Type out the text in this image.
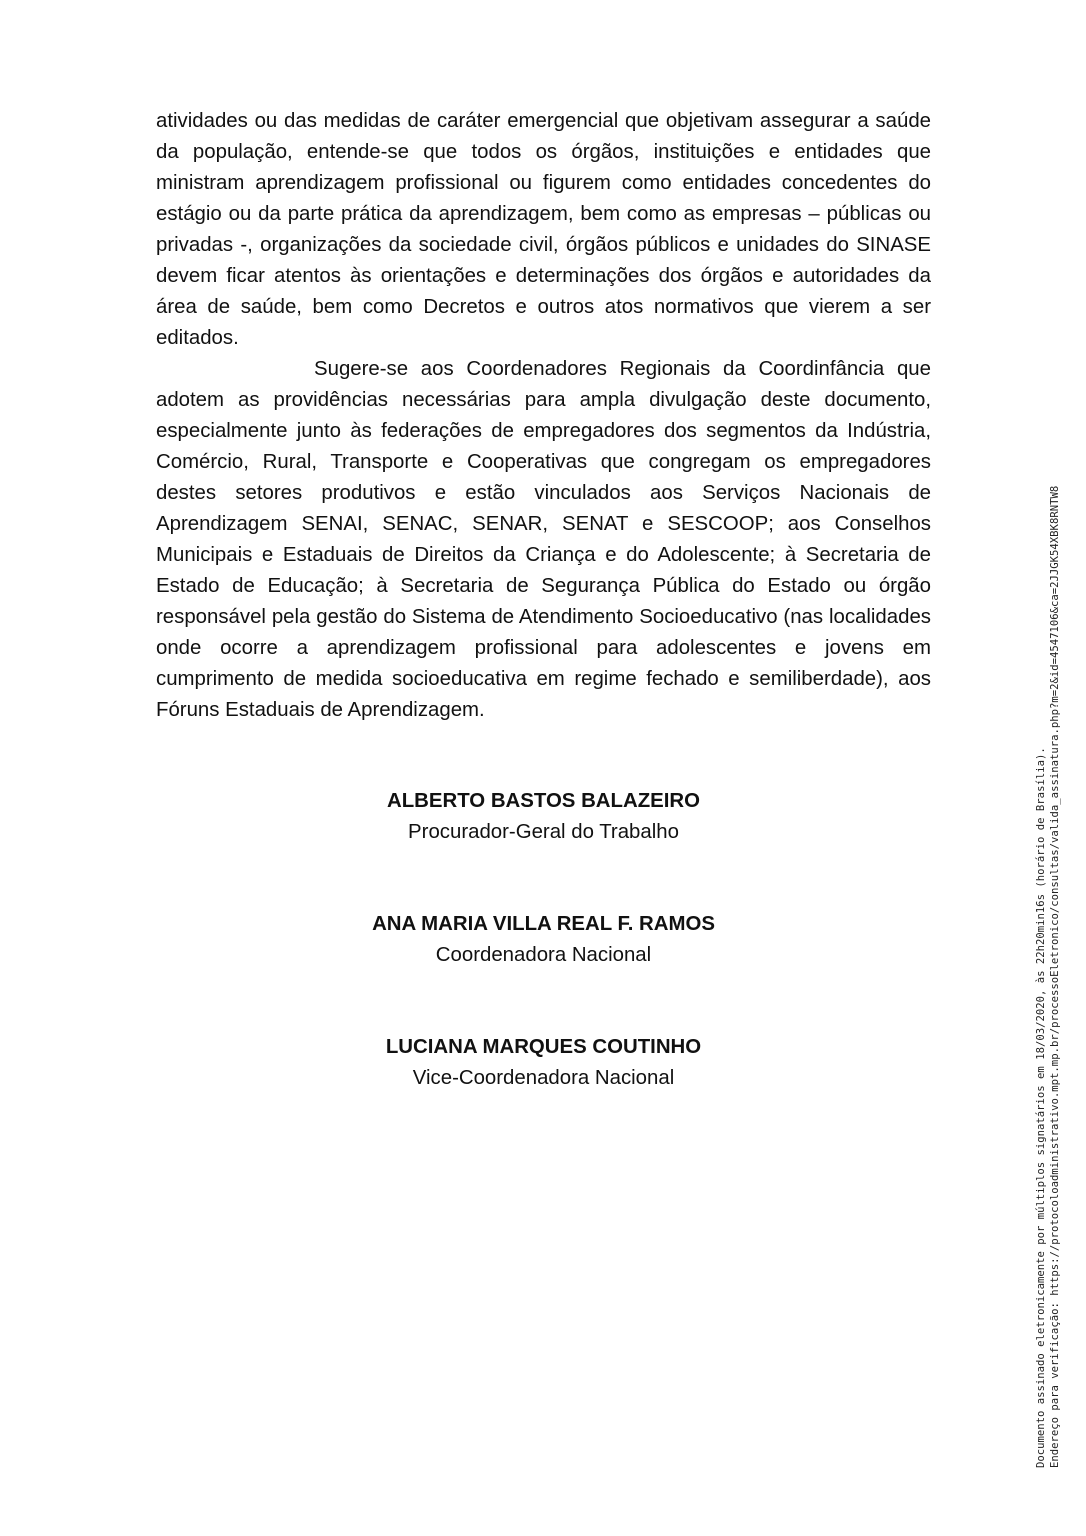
atividades ou das medidas de caráter emergencial que objetivam assegurar a saúde da população, entende-se que todos os órgãos, instituições e entidades que ministram aprendizagem profissional ou figurem como entidades concedentes do estágio ou da parte prática da aprendizagem, bem como as empresas – públicas ou privadas -, organizações da sociedade civil, órgãos públicos e unidades do SINASE devem ficar atentos às orientações e determinações dos órgãos e autoridades da área de saúde, bem como Decretos e outros atos normativos que vierem a ser editados.

Sugere-se aos Coordenadores Regionais da Coordinfância que adotem as providências necessárias para ampla divulgação deste documento, especialmente junto às federações de empregadores dos segmentos da Indústria, Comércio, Rural, Transporte e Cooperativas que congregam os empregadores destes setores produtivos e estão vinculados aos Serviços Nacionais de Aprendizagem SENAI, SENAC, SENAR, SENAT e SESCOOP; aos Conselhos Municipais e Estaduais de Direitos da Criança e do Adolescente; à Secretaria de Estado de Educação; à Secretaria de Segurança Pública do Estado ou órgão responsável pela gestão do Sistema de Atendimento Socioeducativo (nas localidades onde ocorre a aprendizagem profissional para adolescentes e jovens em cumprimento de medida socioeducativa em regime fechado e semiliberdade), aos Fóruns Estaduais de Aprendizagem.

ALBERTO BASTOS BALAZEIRO
Procurador-Geral do Trabalho
ANA MARIA VILLA REAL F. RAMOS
Coordenadora Nacional
LUCIANA MARQUES COUTINHO
Vice-Coordenadora Nacional	Documento assinado eletronicamente por múltiplos signatários em 18/03/2020, às 22h20min16s (horário de Brasília). Endereço para verificação: https://protocoloadministrativo.mpt.mp.br/processoEletronico/consultas/valida_assinatura.php?m=2&id=4547106&ca=2JJGK54XBK8RNTW8
